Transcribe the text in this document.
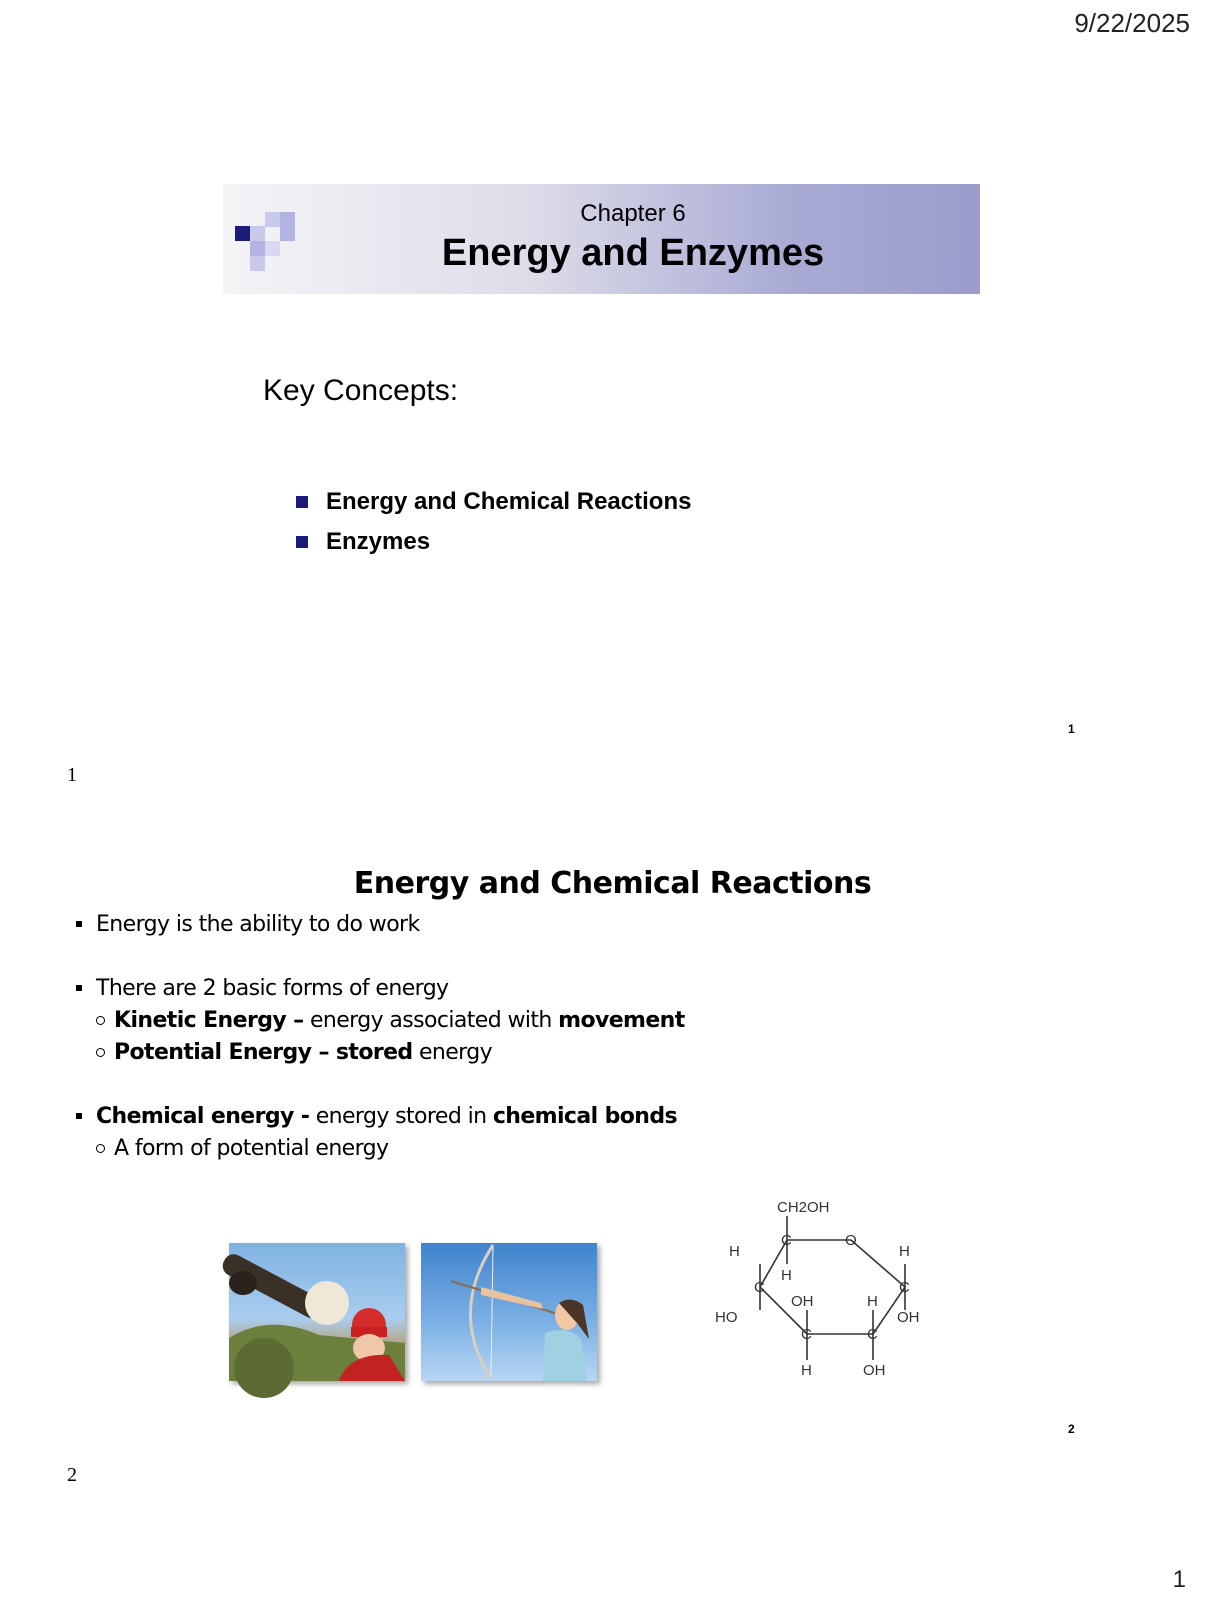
9/22/2025
Chapter 6
Energy and Enzymes
Key Concepts:
Energy and Chemical Reactions
Enzymes
1
1
Energy and Chemical Reactions
Energy is the ability to do work
There are 2 basic forms of energy
Kinetic Energy – energy associated with movement
Potential Energy – stored energy
Chemical energy - energy stored in chemical bonds
A form of potential energy
CH2OH
O
C
H
H
C
HO
OH
C
H
H
C
OH
H
C
OH
2
2
1
